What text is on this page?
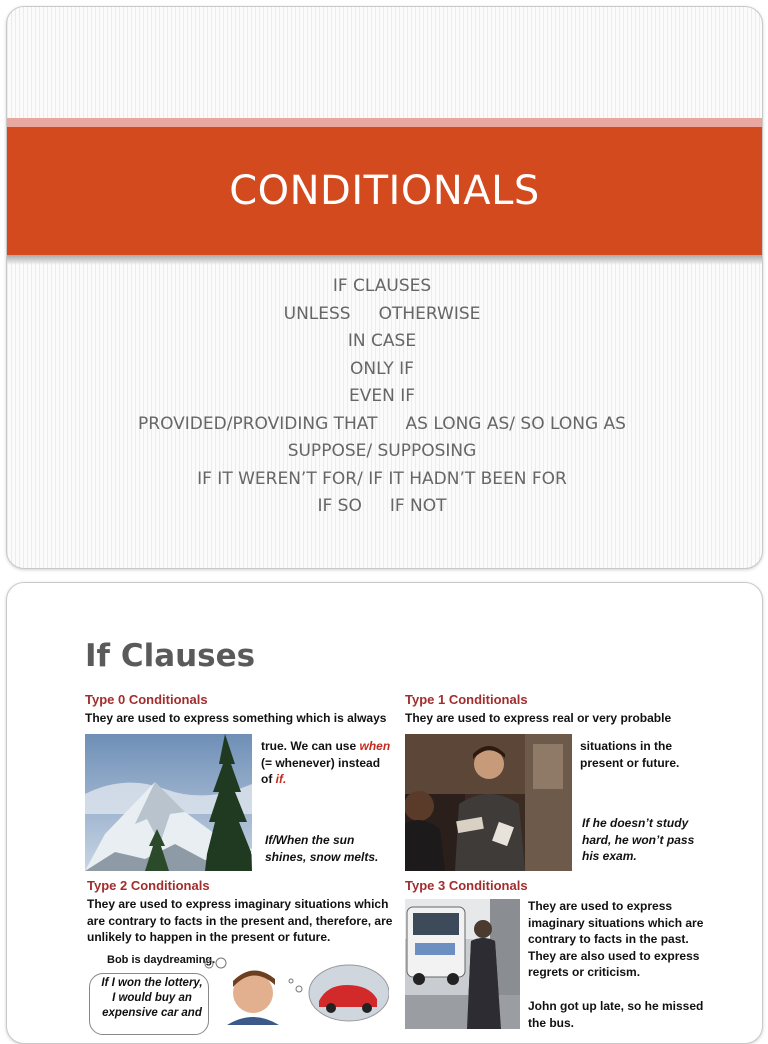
CONDITIONALS
IF CLAUSES
UNLESS OTHERWISE
IN CASE
ONLY IF
EVEN IF
PROVIDED/PROVIDING THAT AS LONG AS/ SO LONG AS
SUPPOSE/ SUPPOSING
IF IT WEREN’T FOR/ IF IT HADN’T BEEN FOR
IF SO IF NOT
If Clauses
Type 0 Conditionals

They are used to express something which is always

true. We can use when

(= whenever) instead

of if.

If/When the sun

shines, snow melts.

Type 1 Conditionals

They are used to express real or very probable

situations in the

present or future.

If he doesn’t study

hard, he won’t pass

his exam.

Type 2 Conditionals

They are used to express imaginary situations which

are contrary to facts in the present and, therefore, are

unlikely to happen in the present or future.

Bob is daydreaming.

If I won the lottery,

I would buy an

expensive car and

Type 3 Conditionals

They are used to express

imaginary situations which are

contrary to facts in the past.

They are also used to express

regrets or criticism.

John got up late, so he missed

the bus.
